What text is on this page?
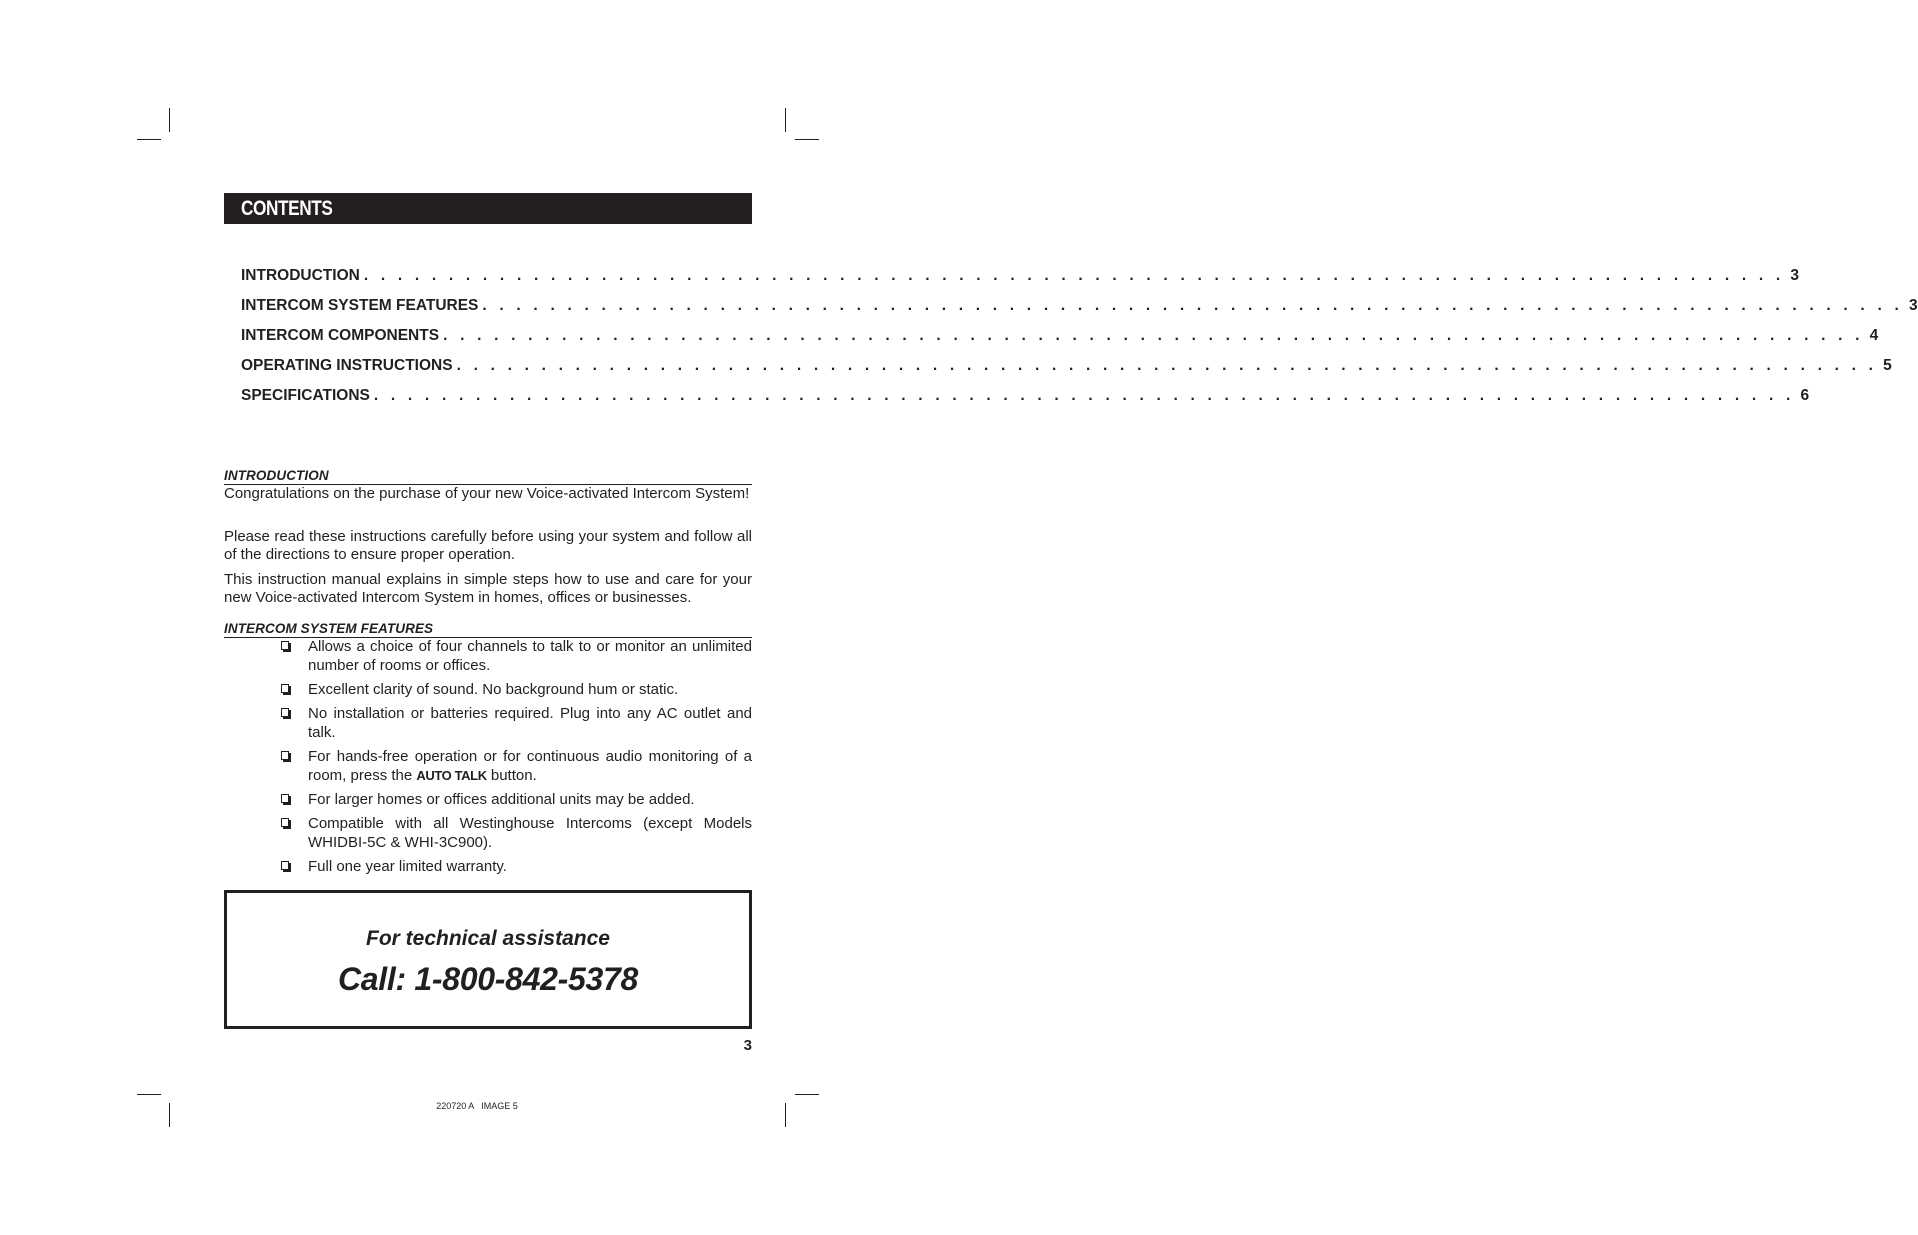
CONTENTS
INTRODUCTION . . . . . . . . . . . . . . . . . . . . . . . . . . . . . . . . . . . . . . . . . . . . . . . . . . . . . . . . . . . . . . . . . . . . . . . . . . . . . . . . . . . . 3
INTERCOM SYSTEM FEATURES . . . . . . . . . . . . . . . . . . . . . . . . . . . . . . . . . . . . . . . . . . . . . . . . . . . . . . . . . . . . . . . . . . . . . . . . . . . . . . . . . . . . 3
INTERCOM COMPONENTS . . . . . . . . . . . . . . . . . . . . . . . . . . . . . . . . . . . . . . . . . . . . . . . . . . . . . . . . . . . . . . . . . . . . . . . . . . . . . . . . . . . . 4
OPERATING INSTRUCTIONS . . . . . . . . . . . . . . . . . . . . . . . . . . . . . . . . . . . . . . . . . . . . . . . . . . . . . . . . . . . . . . . . . . . . . . . . . . . . . . . . . . . . 5
SPECIFICATIONS . . . . . . . . . . . . . . . . . . . . . . . . . . . . . . . . . . . . . . . . . . . . . . . . . . . . . . . . . . . . . . . . . . . . . . . . . . . . . . . . . . . . 6
INTRODUCTION

Congratulations on the purchase of your new Voice-activated Intercom System!

Please read these instructions carefully before using your system and follow all of the directions to ensure proper operation.

This instruction manual explains in simple steps how to use and care for your new Voice-activated Intercom System in homes, offices or businesses.

INTERCOM SYSTEM FEATURES
Allows a choice of four channels to talk to or monitor an unlimited number of rooms or offices.
Excellent clarity of sound. No background hum or static.
No installation or batteries required. Plug into any AC outlet and talk.
For hands-free operation or for continuous audio monitoring of a room, press the AUTO TALK button.
For larger homes or offices additional units may be added.
Compatible with all Westinghouse Intercoms (except Models WHIDBI-5C & WHI-3C900).
Full one year limited warranty.
For technical assistance
Call: 1-800-842-5378
3
220720 A   IMAGE 5
